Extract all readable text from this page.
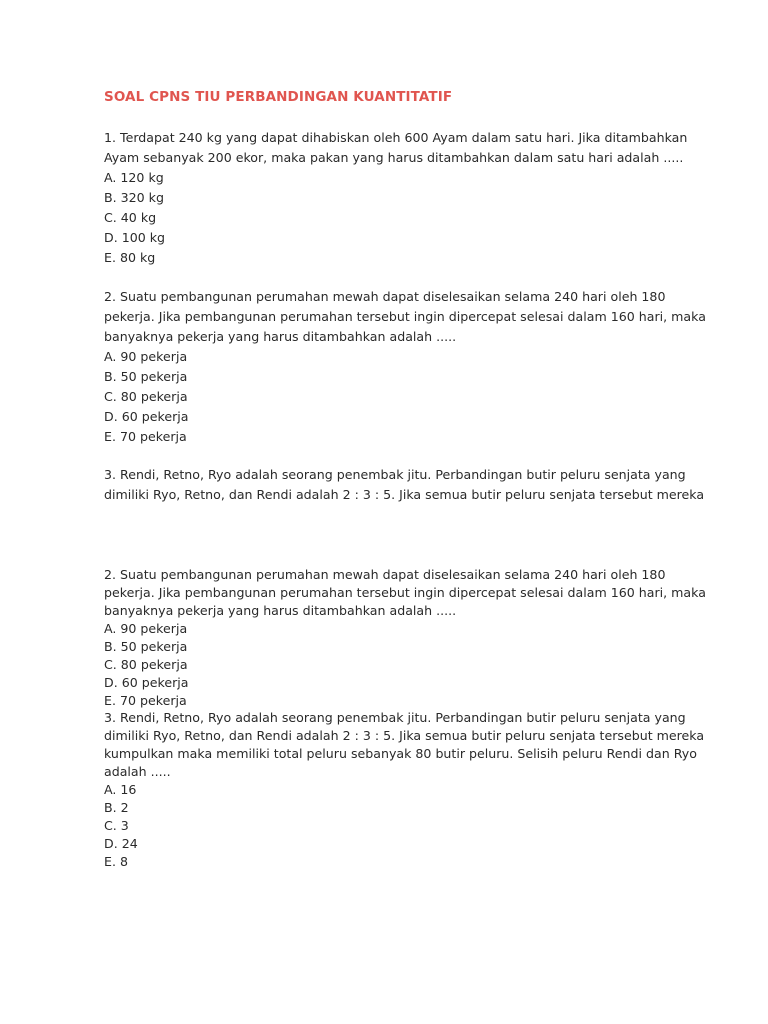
SOAL CPNS TIU PERBANDINGAN KUANTITATIF
1. Terdapat 240 kg yang dapat dihabiskan oleh 600 Ayam dalam satu hari. Jika ditambahkan
Ayam sebanyak 200 ekor, maka pakan yang harus ditambahkan dalam satu hari adalah .....
A. 120 kg
B. 320 kg
C. 40 kg
D. 100 kg
E. 80 kg
2. Suatu pembangunan perumahan mewah dapat diselesaikan selama 240 hari oleh 180
pekerja. Jika pembangunan perumahan tersebut ingin dipercepat selesai dalam 160 hari, maka
banyaknya pekerja yang harus ditambahkan adalah .....
A. 90 pekerja
B. 50 pekerja
C. 80 pekerja
D. 60 pekerja
E. 70 pekerja
3. Rendi, Retno, Ryo adalah seorang penembak jitu. Perbandingan butir peluru senjata yang
dimiliki Ryo, Retno, dan Rendi adalah 2 : 3 : 5. Jika semua butir peluru senjata tersebut mereka
2. Suatu pembangunan perumahan mewah dapat diselesaikan selama 240 hari oleh 180
pekerja. Jika pembangunan perumahan tersebut ingin dipercepat selesai dalam 160 hari, maka
banyaknya pekerja yang harus ditambahkan adalah .....
A. 90 pekerja
B. 50 pekerja
C. 80 pekerja
D. 60 pekerja
E. 70 pekerja
3. Rendi, Retno, Ryo adalah seorang penembak jitu. Perbandingan butir peluru senjata yang
dimiliki Ryo, Retno, dan Rendi adalah 2 : 3 : 5. Jika semua butir peluru senjata tersebut mereka
kumpulkan maka memiliki total peluru sebanyak 80 butir peluru. Selisih peluru Rendi dan Ryo
adalah .....
A. 16
B. 2
C. 3
D. 24
E. 8
